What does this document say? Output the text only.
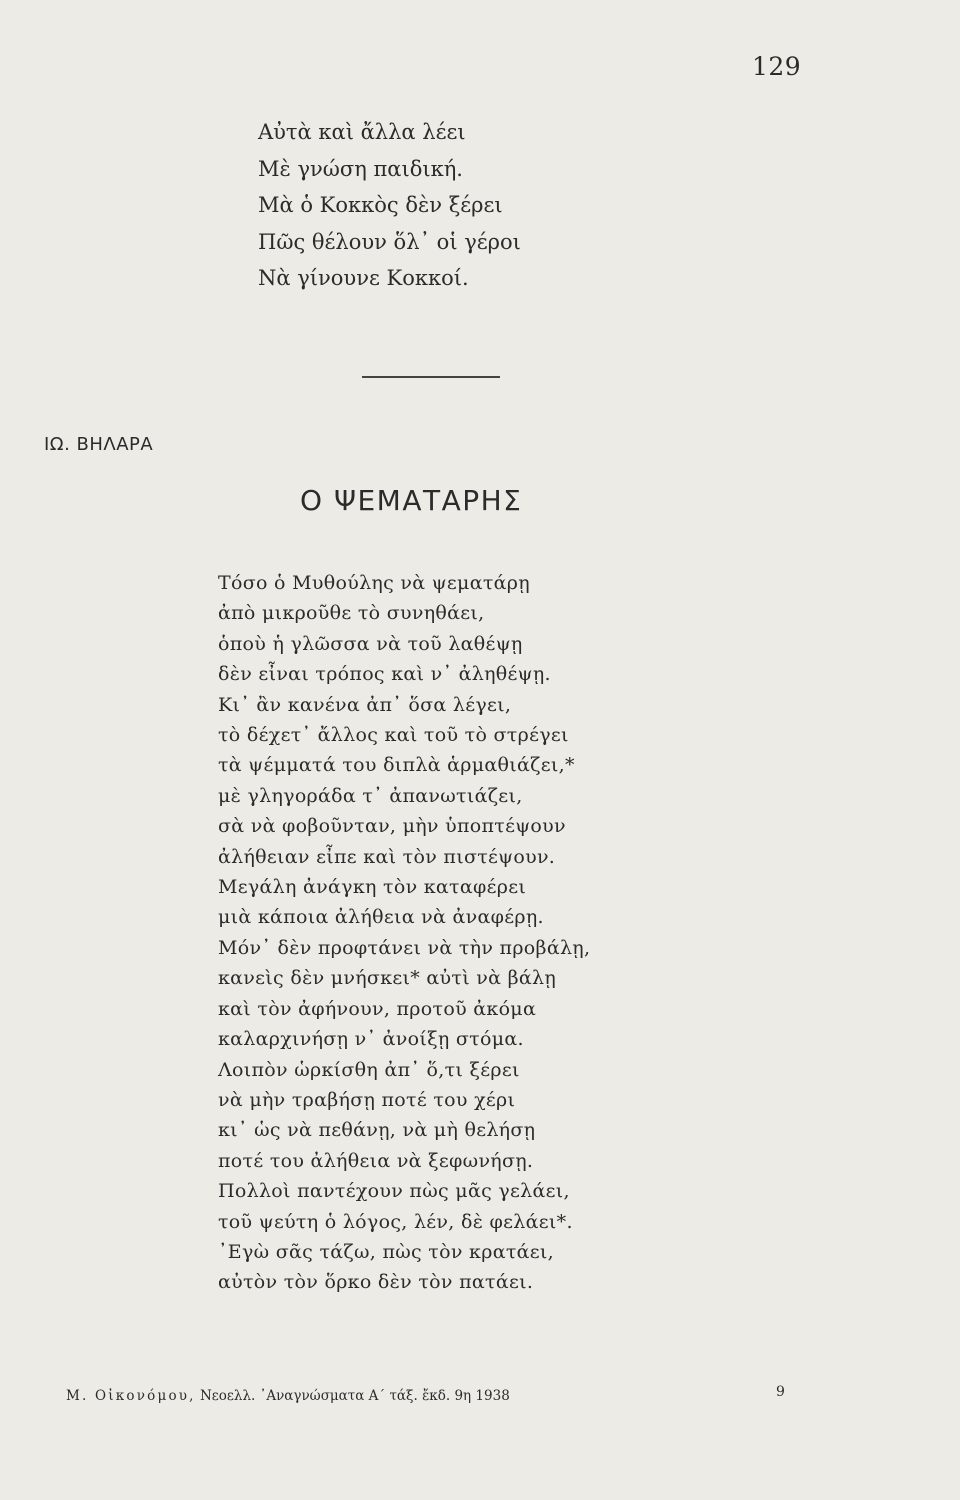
129
Αὐτὰ καὶ ἄλλα λέει
Μὲ γνώση παιδική.
Μὰ ὁ Κοκκὸς δὲν ξέρει
Πῶς θέλουν ὅλ᾿ οἱ γέροι
Νὰ γίνουνε Κοκκοί.
ΙΩ. ΒΗΛΑΡΑ
Ο ΨΕΜΑΤΑΡΗΣ
Τόσο ὁ Μυθούλης νὰ ψεματάρῃ
ἀπὸ μικροῦθε τὸ συνηθάει,
ὁποὺ ἡ γλῶσσα νὰ τοῦ λαθέψῃ
δὲν εἶναι τρόπος καὶ ν᾿ ἀληθέψῃ.
Κι᾿ ἂν κανένα ἀπ᾿ ὅσα λέγει,
τὸ δέχετ᾿ ἄλλος καὶ τοῦ τὸ στρέγει
τὰ ψέμματά του διπλὰ ἁρμαθιάζει,*
μὲ γληγοράδα τ᾿ ἀπανωτιάζει,
σὰ νὰ φοβοῦνταν, μὴν ὑποπτέψουν
ἀλήθειαν εἶπε καὶ τὸν πιστέψουν.
Μεγάλη ἀνάγκη τὸν καταφέρει
μιὰ κάποια ἀλήθεια νὰ ἀναφέρῃ.
Μόν᾿ δὲν προφτάνει νὰ τὴν προβάλῃ,
κανεὶς δὲν μνήσκει* αὐτὶ νὰ βάλῃ
καὶ τὸν ἀφήνουν, προτοῦ ἀκόμα
καλαρχινήσῃ ν᾿ ἀνοίξῃ στόμα.
Λοιπὸν ὡρκίσθη ἀπ᾿ ὅ,τι ξέρει
νὰ μὴν τραβήσῃ ποτέ του χέρι
κι᾿ ὡς νὰ πεθάνῃ, νὰ μὴ θελήσῃ
ποτέ του ἀλήθεια νὰ ξεφωνήσῃ.
Πολλοὶ παντέχουν πὼς μᾶς γελάει,
τοῦ ψεύτη ὁ λόγος, λέν, δὲ φελάει*.
᾿Εγὼ σᾶς τάζω, πὼς τὸν κρατάει,
αὐτὸν τὸν ὅρκο δὲν τὸν πατάει.
Μ. Οἰκονόμου, Νεοελλ. ᾿Αναγνώσματα Α´ τάξ. ἔκδ. 9η 1938	9
